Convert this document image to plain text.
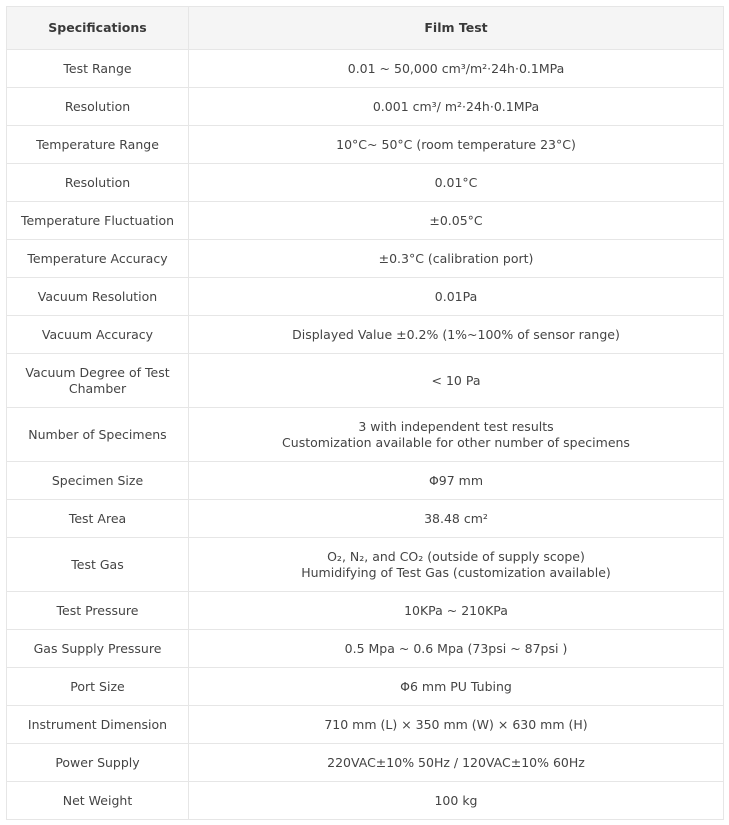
Specifications	Film Test
Test Range	0.01 ~ 50,000 cm³/m²·24h·0.1MPa
Resolution	0.001 cm³/ m²·24h·0.1MPa
Temperature Range	10°C~ 50°C (room temperature 23°C)
Resolution	0.01°C
Temperature Fluctuation	±0.05°C
Temperature Accuracy	±0.3°C (calibration port)
Vacuum Resolution	0.01Pa
Vacuum Accuracy	Displayed Value ±0.2% (1%~100% of sensor range)
Vacuum Degree of Test Chamber	< 10 Pa
Number of Specimens	3 with independent test results
Customization available for other number of specimens

Specimen Size	Φ97 mm
Test Area	38.48 cm²
Test Gas	O₂, N₂, and CO₂ (outside of supply scope)
Humidifying of Test Gas (customization available)

Test Pressure	10KPa ~ 210KPa
Gas Supply Pressure	0.5 Mpa ~ 0.6 Mpa (73psi ~ 87psi )
Port Size	Φ6 mm PU Tubing
Instrument Dimension	710 mm (L) × 350 mm (W) × 630 mm (H)
Power Supply	220VAC±10% 50Hz / 120VAC±10% 60Hz
Net Weight	100 kg
